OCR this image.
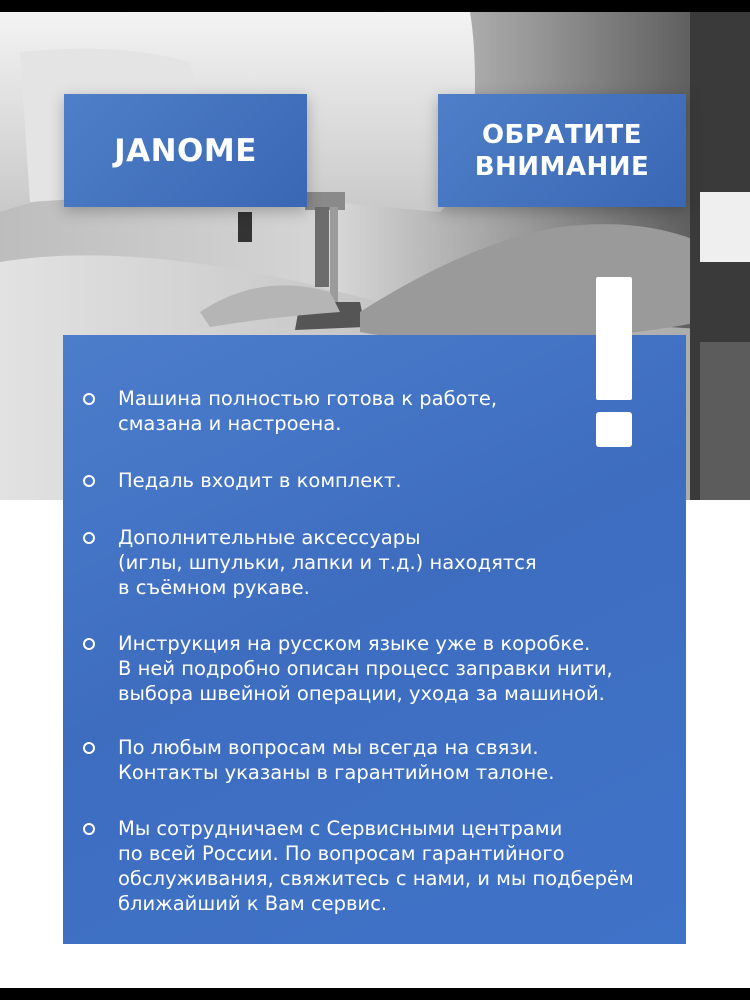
JANOME	ОБРАТИТЕ
ВНИМАНИЕ
Машина полностью готова к работе,
смазана и настроена.
Педаль входит в комплект.
Дополнительные аксессуары
(иглы, шпульки, лапки и т.д.) находятся
в съёмном рукаве.
Инструкция на русском языке уже в коробке.
В ней подробно описан процесс заправки нити,
выбора швейной операции, ухода за машиной.
По любым вопросам мы всегда на связи.
Контакты указаны в гарантийном талоне.
Мы сотрудничаем с Сервисными центрами
по всей России. По вопросам гарантийного
обслуживания, свяжитесь с нами, и мы подберём
ближайший к Вам сервис.
